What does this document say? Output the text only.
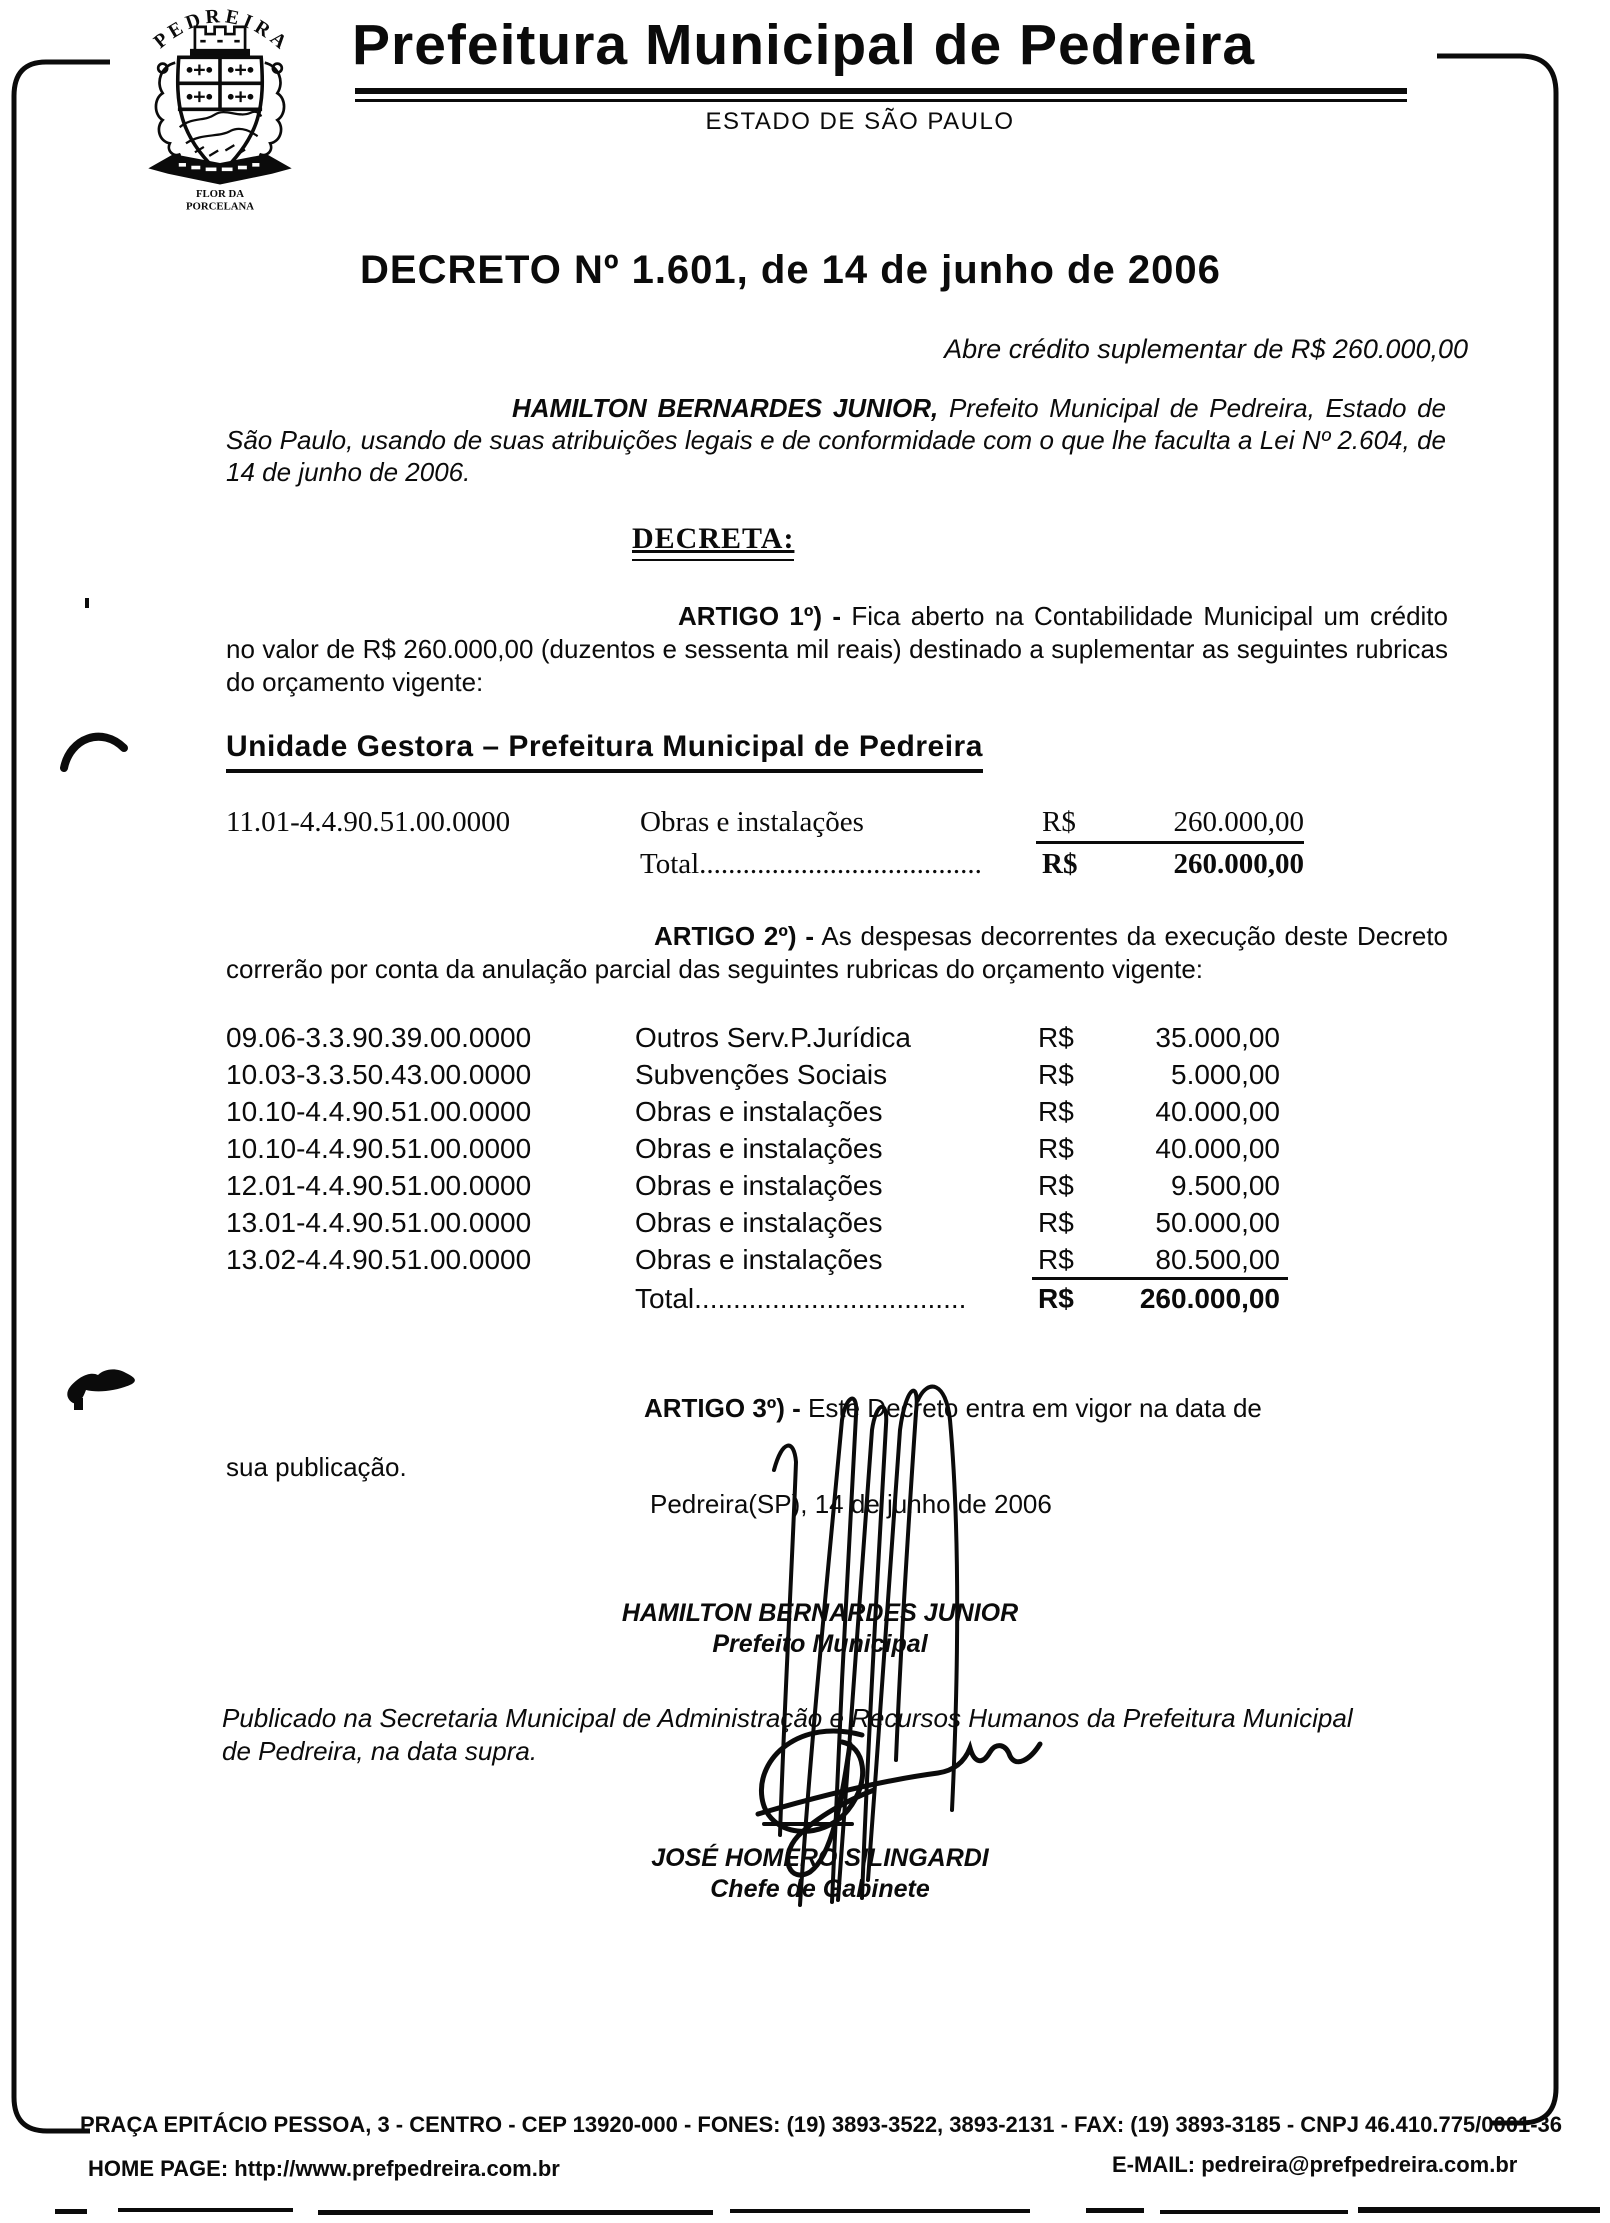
PEDREIRA
FLOR DA
PORCELANA
Prefeitura Municipal de Pedreira
ESTADO DE SÃO PAULO
DECRETO Nº 1.601, de 14 de junho de 2006
Abre crédito suplementar de R$ 260.000,00

HAMILTON BERNARDES JUNIOR, Prefeito Municipal de Pedreira, Estado de São Paulo, usando de suas atribuições legais e de conformidade com o que lhe faculta a Lei Nº 2.604, de 14 de junho de 2006.

DECRETA:

ARTIGO 1º) - Fica aberto na Contabilidade Municipal um crédito no valor de R$ 260.000,00 (duzentos e sessenta mil reais) destinado a suplementar as seguintes rubricas do orçamento vigente:

Unidade Gestora – Prefeitura Municipal de Pedreira
11.01-4.4.90.51.00.0000	Obras e instalações	R$	260.000,00
Total....................................... R$	260.000,00

ARTIGO 2º) - As despesas decorrentes da execução deste Decreto correrão por conta da anulação parcial das seguintes rubricas do orçamento vigente:

09.06-3.3.90.39.00.0000	Outros Serv.P.Jurídica	R$	35.000,00
10.03-3.3.50.43.00.0000	Subvenções Sociais	R$	5.000,00
10.10-4.4.90.51.00.0000	Obras e instalações	R$	40.000,00
10.10-4.4.90.51.00.0000	Obras e instalações	R$	40.000,00
12.01-4.4.90.51.00.0000	Obras e instalações	R$	9.500,00
13.01-4.4.90.51.00.0000	Obras e instalações	R$	50.000,00
13.02-4.4.90.51.00.0000	Obras e instalações	R$	80.500,00
Total...................................	R$	260.000,00

ARTIGO 3º) - Este Decreto entra em vigor na data de

sua publicação.
Pedreira(SP), 14 de junho de 2006
HAMILTON BERNARDES JUNIOR
Prefeito Municipal

Publicado na Secretaria Municipal de Administração e Recursos Humanos da Prefeitura Municipal de Pedreira, na data supra.

JOSÉ HOMERO SILINGARDI
Chefe de Gabinete
PRAÇA EPITÁCIO PESSOA, 3 - CENTRO - CEP 13920-000 - FONES: (19) 3893-3522, 3893-2131 - FAX: (19) 3893-3185 - CNPJ 46.410.775/0001-36
HOME PAGE: http://www.prefpedreira.com.br	E-MAIL: pedreira@prefpedreira.com.br
